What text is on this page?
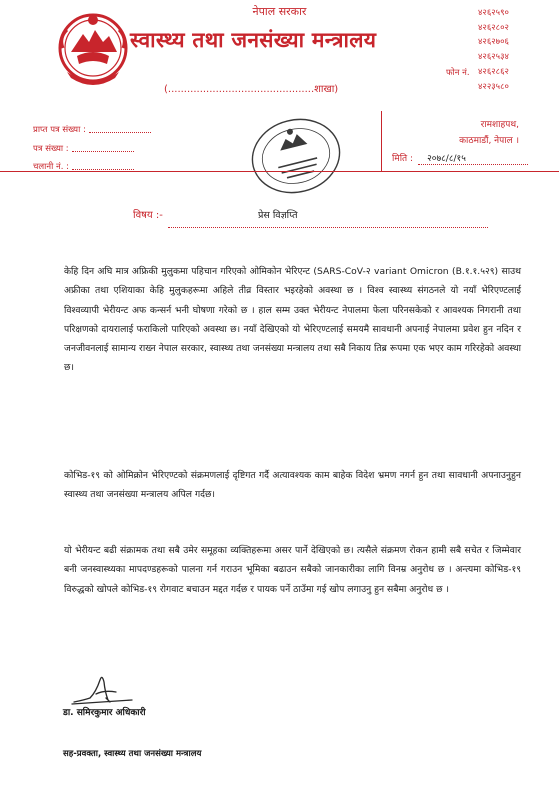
नेपाल सरकार
स्वास्थ्य तथा जनसंख्या मन्त्रालय
(..............................................शाखा)
४२६२५९०
४२६२८०२
४२६२७०६
४२६२५३४
४२६२८६२
४२२३५८०
फोन नं.
प्राप्त पत्र संख्या :
पत्र संख्या :
चलानी नं. :
रामशाहपथ,
काठमाडौं, नेपाल ।
मिति : २०७८/८/१५
विषय :-	प्रेस विज्ञप्ति
केहि दिन अघि मात्र अफ्रिकी मुलुकमा पहिचान गरिएको ओमिकोन भेरिएन्ट (SARS-CoV-२ variant Omicron (B.१.१.५२९) साउथ अफ्रीका तथा एशियाका केहि मुलुकहरूमा अहिले तीव्र विस्तार भइरहेको अवस्था छ । विश्व स्वास्थ्य संगठनले यो नयाँ भेरिएण्टलाई विश्वव्यापी भेरीयन्ट अफ कन्सर्न भनी घोषणा गरेको छ । हाल सम्म उक्त भेरीयन्ट नेपालमा फेला परिनसकेको र आवश्यक निगरानी तथा परिक्षणको दायरालाई फराकिलो पारिएको अवस्था छ। नयाँ देखिएको यो भेरिएण्टलाई समयमै सावधानी अपनाई नेपालमा प्रवेश हुन नदिन र जनजीवनलाई सामान्य राख्न नेपाल सरकार, स्वास्थ्य तथा जनसंख्या मन्त्रालय तथा सबै निकाय तिब्र रूपमा एक भएर काम गरिरहेको अवस्था छ।
कोभिड-१९ को ओमिक्रोन भेरिएण्टको संक्रमणलाई दृष्टिगत गर्दै अत्यावश्यक काम बाहेक विदेश भ्रमण नगर्न हुन तथा सावधानी अपनाउनुहुन स्वास्थ्य तथा जनसंख्या मन्त्रालय अपिल गर्दछ।
यो भेरीयन्ट बढी संक्रामक तथा सबै उमेर समूहका व्यक्तिहरूमा असर पार्ने देखिएको छ। त्यसैले संक्रमण रोकन हामी सबै सचेत र जिम्मेवार बनी जनस्वास्थ्यका मापदण्डहरूको पालना गर्न गराउन भूमिका बढाउन सबैको जानकारीका लागि विनम्र अनुरोध छ । अन्त्यमा कोभिड-१९ विरुद्धको खोपले कोभिड-१९ रोगवाट बचाउन मद्दत गर्दछ र पायक पर्ने ठाउँमा गई खोप लगाउनु हुन सबैमा अनुरोध छ ।
डा. समिरकुमार अधिकारी
सह-प्रवक्ता, स्वास्थ्य तथा जनसंख्या मन्त्रालय
